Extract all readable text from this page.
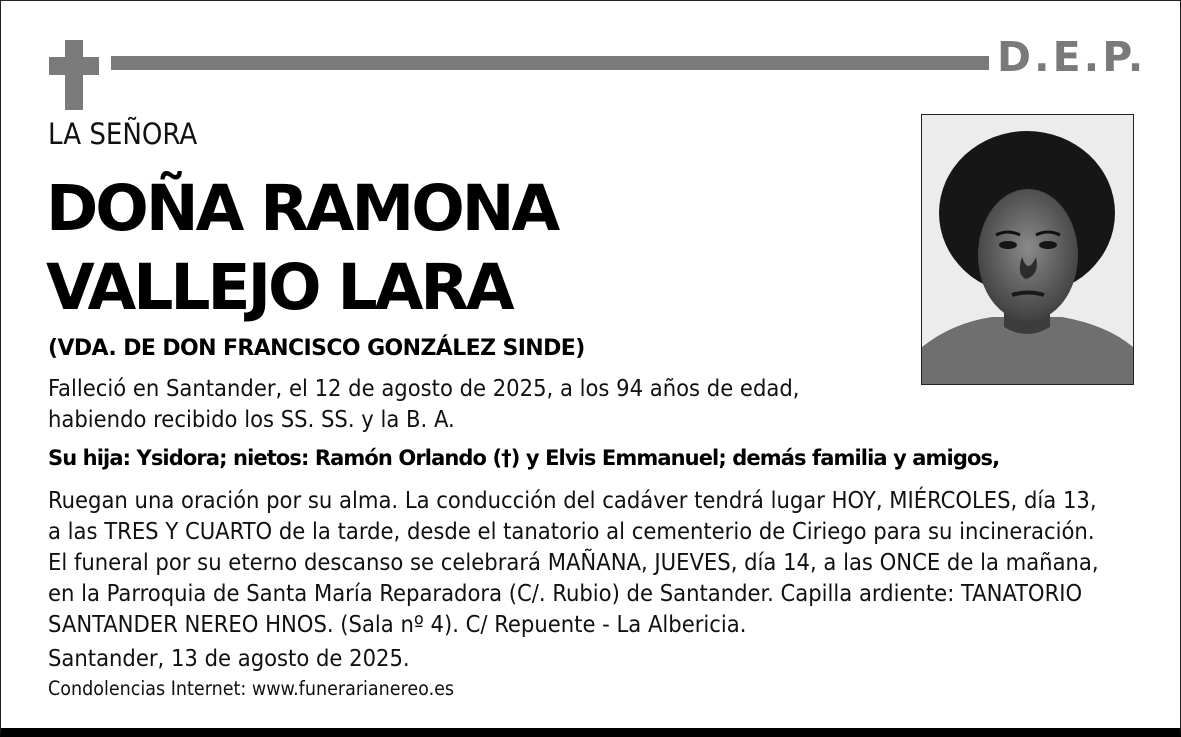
D.E.P.
LA SEÑORA
DOÑA RAMONA
VALLEJO LARA
(VDA. DE DON FRANCISCO GONZÁLEZ SINDE)
Falleció en Santander, el 12 de agosto de 2025, a los 94 años de edad,
habiendo recibido los SS. SS. y la B. A.
Su hija: Ysidora; nietos: Ramón Orlando (†) y Elvis Emmanuel; demás familia y amigos,
Ruegan una oración por su alma. La conducción del cadáver tendrá lugar HOY, MIÉRCOLES, día 13,
a las TRES Y CUARTO de la tarde, desde el tanatorio al cementerio de Ciriego para su incineración.
El funeral por su eterno descanso se celebrará MAÑANA, JUEVES, día 14, a las ONCE de la mañana,
en la Parroquia de Santa María Reparadora (C/. Rubio) de Santander. Capilla ardiente: TANATORIO
SANTANDER NEREO HNOS. (Sala nº 4). C/ Repuente - La Albericia.
Santander, 13 de agosto de 2025.
Condolencias Internet: www.funerarianereo.es
